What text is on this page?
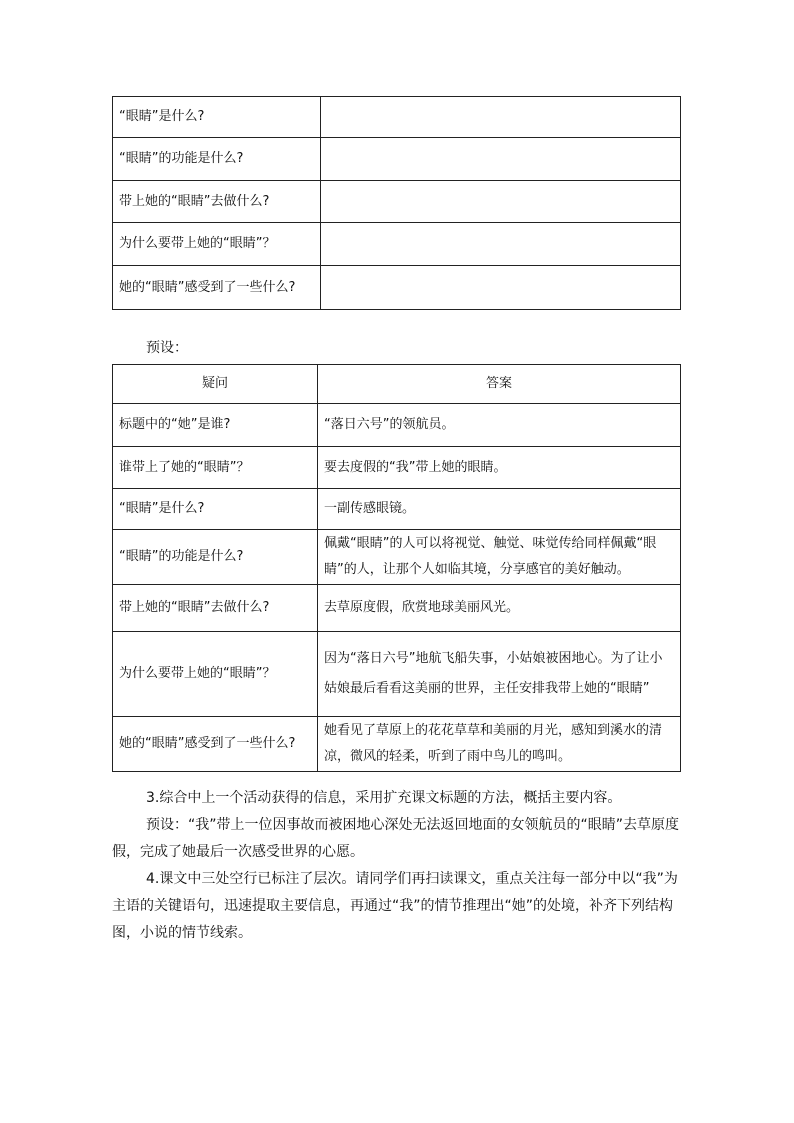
“眼睛”是什么?	
“眼睛”的功能是什么?	
带上她的“眼睛”去做什么?	
为什么要带上她的“眼睛”？	
她的“眼睛”感受到了一些什么?	
预设：
疑问	答案
标题中的“她”是谁?	“落日六号”的领航员。
谁带上了她的“眼睛”？	要去度假的“我”带上她的眼睛。
“眼睛”是什么?	一副传感眼镜。
“眼睛”的功能是什么?	佩戴“眼睛”的人可以将视觉、触觉、味觉传给同样佩戴“眼睛”的人，让那个人如临其境，分享感官的美好触动。
带上她的“眼睛”去做什么?	去草原度假，欣赏地球美丽风光。
为什么要带上她的“眼睛”？	因为“落日六号”地航飞船失事，小姑娘被困地心。为了让小姑娘最后看看这美丽的世界，主任安排我带上她的“眼睛”
她的“眼睛”感受到了一些什么?	她看见了草原上的花花草草和美丽的月光，感知到溪水的清凉，微风的轻柔，听到了雨中鸟儿的鸣叫。

3.综合中上一个活动获得的信息，采用扩充课文标题的方法，概括主要内容。

预设：“我”带上一位因事故而被困地心深处无法返回地面的女领航员的“眼睛”去草原度假，完成了她最后一次感受世界的心愿。

4.课文中三处空行已标注了层次。请同学们再扫读课文，重点关注每一部分中以“我”为主语的关键语句，迅速提取主要信息，再通过“我”的情节推理出“她”的处境，补齐下列结构图，小说的情节线索。
